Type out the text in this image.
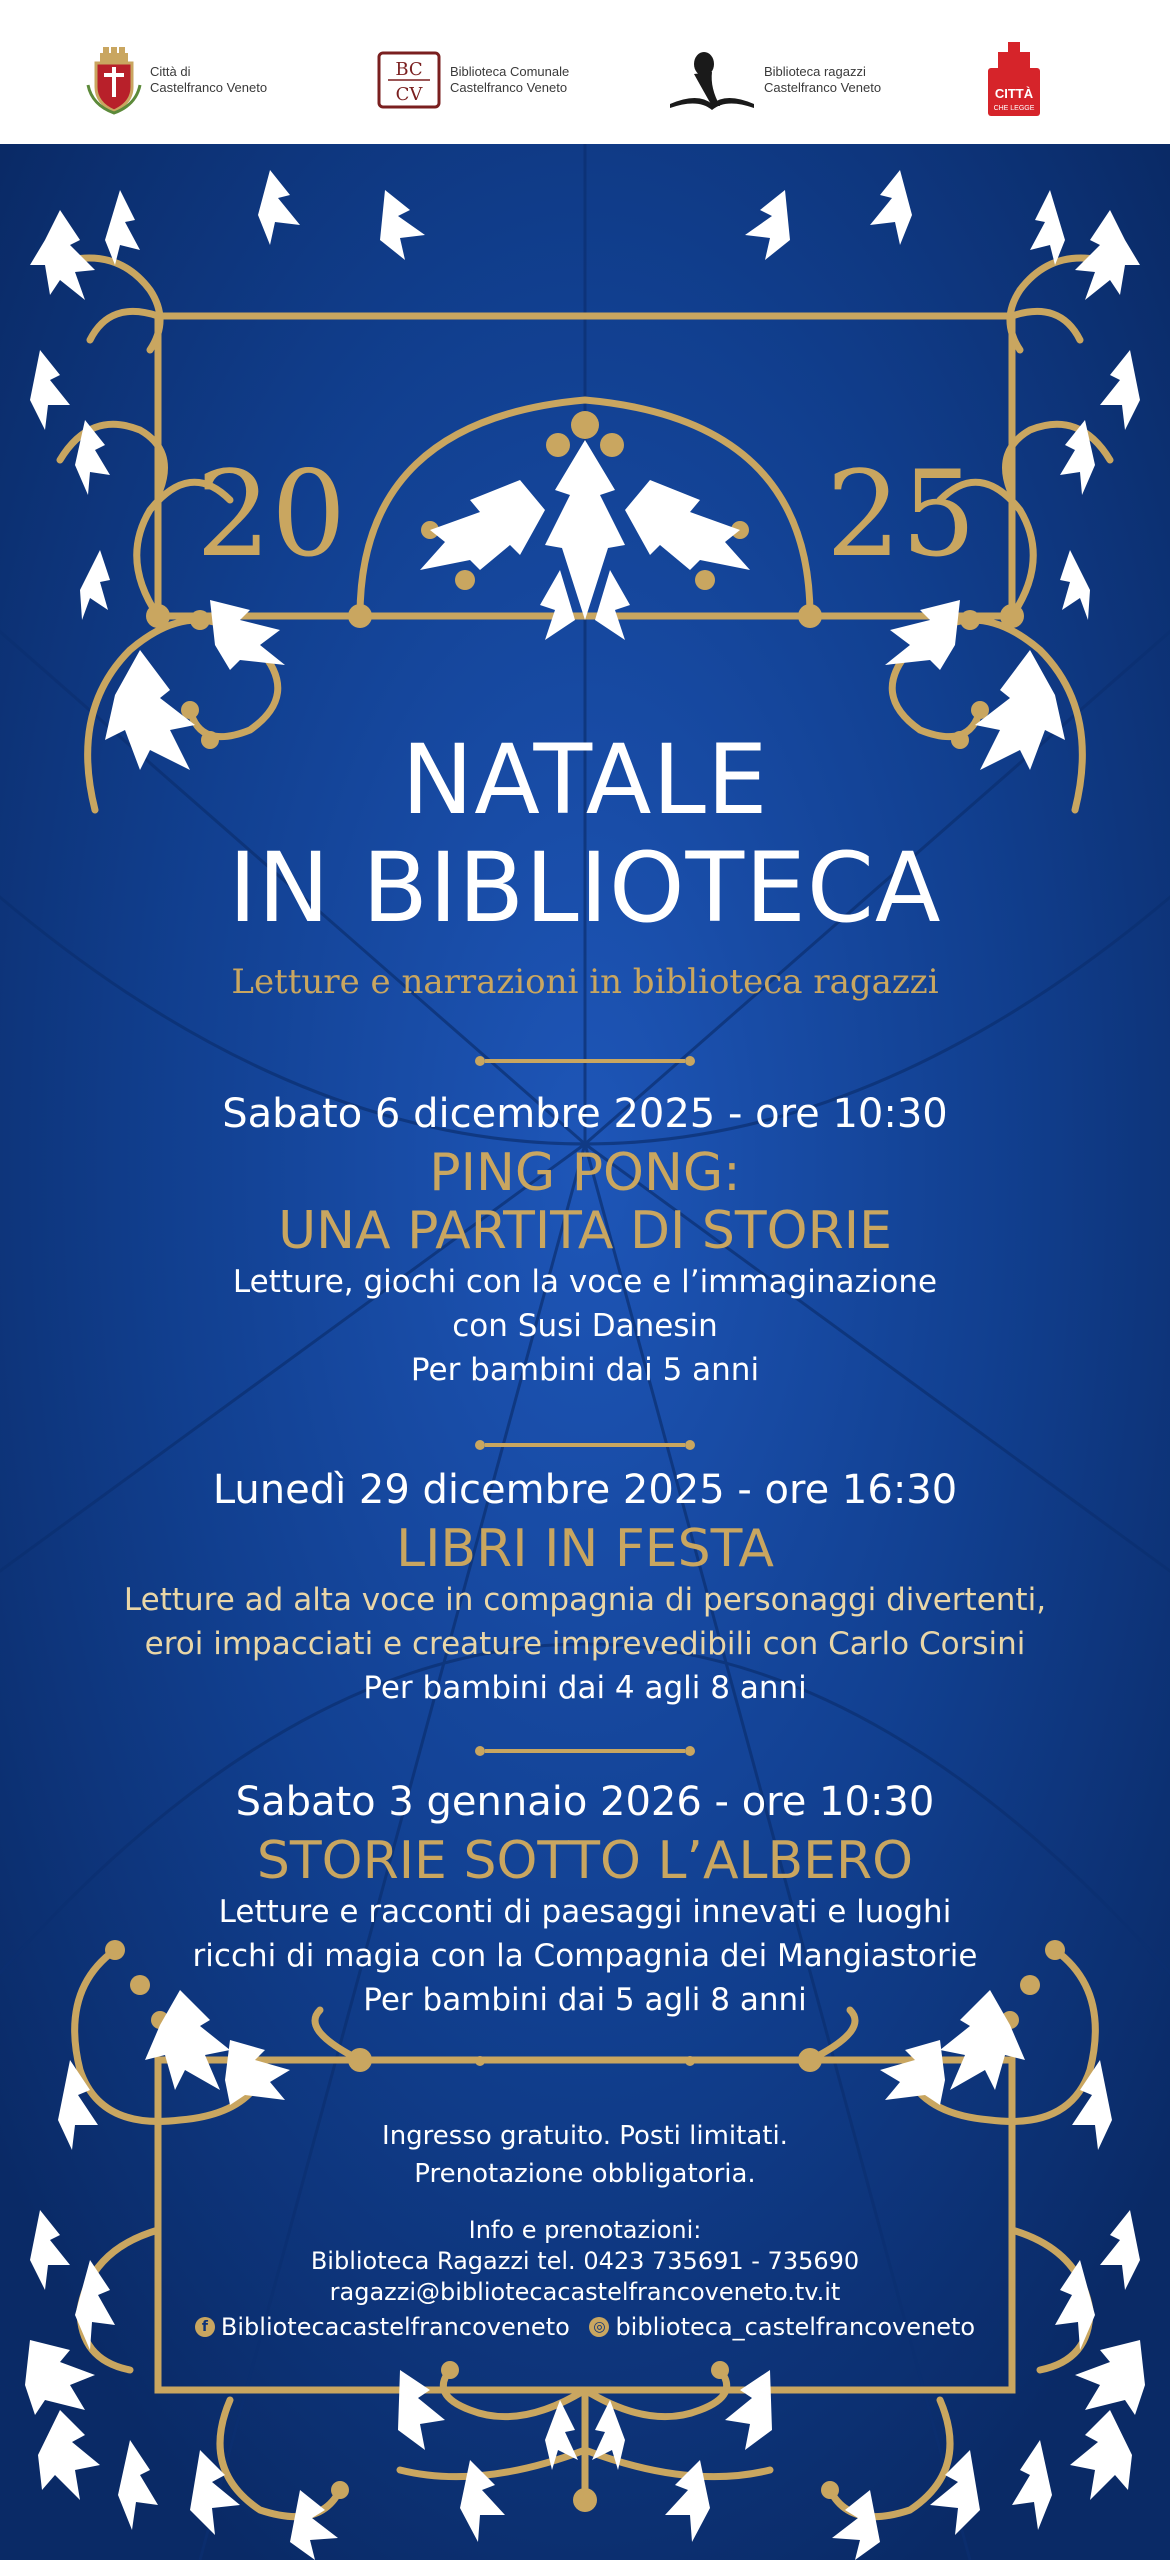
Città di
Castelfranco Veneto
BC
CV
Biblioteca Comunale
Castelfranco Veneto
Biblioteca ragazzi
Castelfranco Veneto	CITTÀ
CHE LEGGE
20	25
NATALE
IN BIBLIOTECA
Letture e narrazioni in biblioteca ragazzi
Sabato 6 dicembre 2025 - ore 10:30
PING PONG:
UNA PARTITA DI STORIE
Letture, giochi con la voce e l’immaginazione
con Susi Danesin
Per bambini dai 5 anni
Lunedì 29 dicembre 2025 - ore 16:30
LIBRI IN FESTA
Letture ad alta voce in compagnia di personaggi divertenti,
eroi impacciati e creature imprevedibili con Carlo Corsini
Per bambini dai 4 agli 8 anni
Sabato 3 gennaio 2026 - ore 10:30
STORIE SOTTO L’ALBERO
Letture e racconti di paesaggi innevati e luoghi
ricchi di magia con la Compagnia dei Mangiastorie
Per bambini dai 5 agli 8 anni
Ingresso gratuito. Posti limitati.
Prenotazione obbligatoria.
Info e prenotazioni:
Biblioteca Ragazzi tel. 0423 735691 - 735690
ragazzi@bibliotecacastelfrancoveneto.tv.it
f Bibliotecacastelfrancoveneto
◎ biblioteca_castelfrancoveneto
